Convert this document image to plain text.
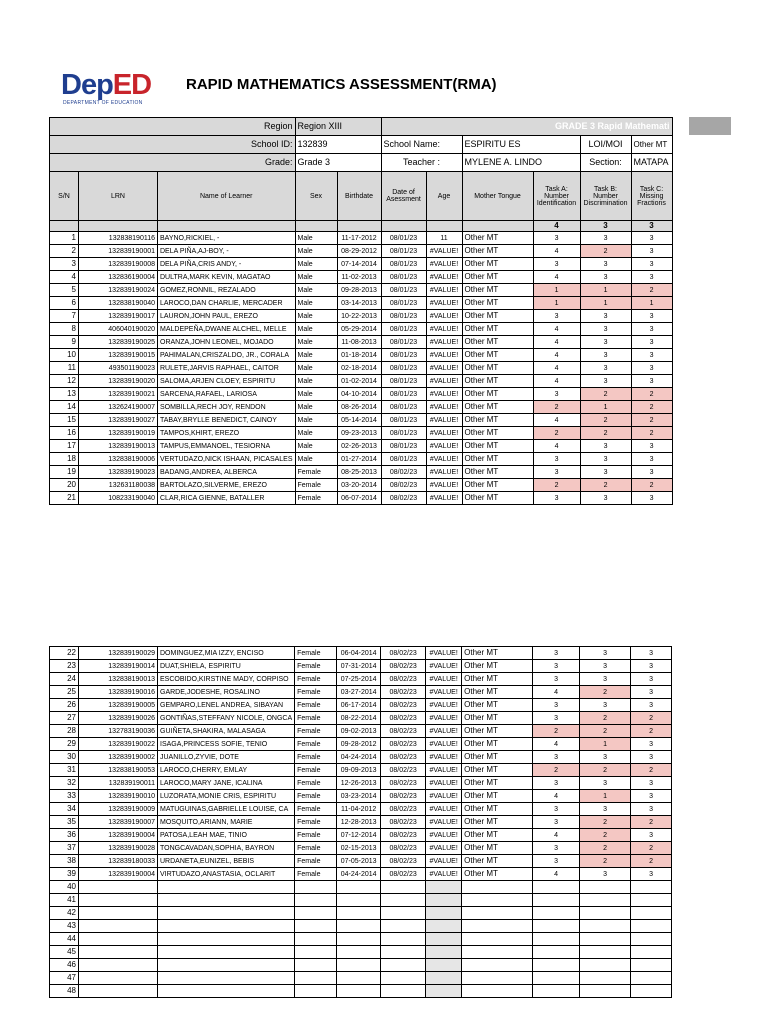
DepED
DEPARTMENT OF EDUCATION
RAPID MATHEMATICS ASSESSMENT(RMA)
Region			Region XIII		GRADE 3 Rapid Mathemati					
School ID:			132839		School Name:		ESPIRITU ES		LOI/MOI	Other MT
Grade:			Grade 3		Teacher :		MYLENE A. LINDO		Section:	MATAPA
S/N	LRN	Name of Learner	Sex	Birthdate	Date of Asessment	Age	Mother Tongue	Task A: Number Identification	Task B: Number Discrimination	Task C: Missing Fractions
								4	3	3
1	132838190116	BAYNO,RICKIEL, -	Male	11-17-2012	08/01/23	11	Other MT	3	3	3
2	132839190001	DELA PIÑA,AJ-BOY, -	Male	08-29-2012	08/01/23	#VALUE!	Other MT	4	2	3
3	132839190008	DELA PIÑA,CRIS ANDY, -	Male	07-14-2014	08/01/23	#VALUE!	Other MT	3	3	3
4	132836190004	DULTRA,MARK KEVIN, MAGATAO	Male	11-02-2013	08/01/23	#VALUE!	Other MT	4	3	3
5	132839190024	GOMEZ,RONNIL, REZALADO	Male	09-28-2013	08/01/23	#VALUE!	Other MT	1	1	2
6	132838190040	LAROCO,DAN CHARLIE, MERCADER	Male	03-14-2013	08/01/23	#VALUE!	Other MT	1	1	1
7	132839190017	LAURON,JOHN PAUL, EREZO	Male	10-22-2013	08/01/23	#VALUE!	Other MT	3	3	3
8	406040190020	MALDEPEÑA,DWANE ALCHEL, MELLE	Male	05-29-2014	08/01/23	#VALUE!	Other MT	4	3	3
9	132839190025	ORANZA,JOHN LEONEL, MOJADO	Male	11-08-2013	08/01/23	#VALUE!	Other MT	4	3	3
10	132839190015	PAHIMALAN,CRISZALDO, JR., CORALA	Male	01-18-2014	08/01/23	#VALUE!	Other MT	4	3	3
11	493501190023	RULETE,JARVIS RAPHAEL, CAITOR	Male	02-18-2014	08/01/23	#VALUE!	Other MT	4	3	3
12	132839190020	SALOMA,ARJEN CLOEY, ESPIRITU	Male	01-02-2014	08/01/23	#VALUE!	Other MT	4	3	3
13	132839190021	SARCENA,RAFAEL, LARIOSA	Male	04-10-2014	08/01/23	#VALUE!	Other MT	3	2	2
14	132624190007	SOMBILLA,RECH JOY, RENDON	Male	08-26-2014	08/01/23	#VALUE!	Other MT	2	1	2
15	132839190027	TABAY,BRYLLE BENEDICT, CAINOY	Male	05-14-2014	08/01/23	#VALUE!	Other MT	4	2	2
16	132839190019	TAMPOS,KHIRT, EREZO	Male	09-23-2013	08/01/23	#VALUE!	Other MT	2	2	2
17	132839190013	TAMPUS,EMMANOEL, TESIORNA	Male	02-26-2013	08/01/23	#VALUE!	Other MT	4	3	3
18	132838190006	VERTUDAZO,NICK ISHAAN, PICASALES	Male	01-27-2014	08/01/23	#VALUE!	Other MT	3	3	3
19	132839190023	BADANG,ANDREA, ALBERCA	Female	08-25-2013	08/02/23	#VALUE!	Other MT	3	3	3
20	132631180038	BARTOLAZO,SILVERME, EREZO	Female	03-20-2014	08/02/23	#VALUE!	Other MT	2	2	2
21	108233190040	CLAR,RICA GIENNE, BATALLER	Female	06-07-2014	08/02/23	#VALUE!	Other MT	3	3	3
22	132839190029	DOMINGUEZ,MIA IZZY, ENCISO	Female	06-04-2014	08/02/23	#VALUE!	Other MT	3	3	3
23	132839190014	DUAT,SHIELA, ESPIRITU	Female	07-31-2014	08/02/23	#VALUE!	Other MT	3	3	3
24	132838190013	ESCOBIDO,KIRSTINE MADY, CORPISO	Female	07-25-2014	08/02/23	#VALUE!	Other MT	3	3	3
25	132839190016	GARDE,JODESHE, ROSALINO	Female	03-27-2014	08/02/23	#VALUE!	Other MT	4	2	3
26	132839190005	GEMPARO,LENEL ANDREA, SIBAYAN	Female	06-17-2014	08/02/23	#VALUE!	Other MT	3	3	3
27	132839190026	GONTIÑAS,STEFFANY NICOLE, ONGCA	Female	08-22-2014	08/02/23	#VALUE!	Other MT	3	2	2
28	132783190036	GUIÑETA,SHAKIRA, MALASAGA	Female	09-02-2013	08/02/23	#VALUE!	Other MT	2	2	2
29	132839190022	ISAGA,PRINCESS SOFIE, TENIO	Female	09-28-2012	08/02/23	#VALUE!	Other MT	4	1	3
30	132839190002	JUANILLO,ZYVIE, DOTE	Female	04-24-2014	08/02/23	#VALUE!	Other MT	3	3	3
31	132838190053	LAROCO,CHERRY, EMLAY	Female	09-09-2013	08/02/23	#VALUE!	Other MT	2	2	2
32	132839190011	LAROCO,MARY JANE, ICALINA	Female	12-26-2013	08/02/23	#VALUE!	Other MT	3	3	3
33	132839190010	LUZORATA,MONIE CRIS, ESPIRITU	Female	03-23-2014	08/02/23	#VALUE!	Other MT	4	1	3
34	132839190009	MATUGUINAS,GABRIELLE LOUISE, CA	Female	11-04-2012	08/02/23	#VALUE!	Other MT	3	3	3
35	132839190007	MOSQUITO,ARIANN, MARIE	Female	12-28-2013	08/02/23	#VALUE!	Other MT	3	2	2
36	132839190004	PATOSA,LEAH MAE, TINIO	Female	07-12-2014	08/02/23	#VALUE!	Other MT	4	2	3
37	132839190028	TONGCAVADAN,SOPHIA, BAYRON	Female	02-15-2013	08/02/23	#VALUE!	Other MT	3	2	2
38	132839180033	URDANETA,EUNIZEL, BEBIS	Female	07-05-2013	08/02/23	#VALUE!	Other MT	3	2	2
39	132839190004	VIRTUDAZO,ANASTASIA, OCLARIT	Female	04-24-2014	08/02/23	#VALUE!	Other MT	4	3	3
40										
41										
42										
43										
44										
45										
46										
47										
48										
